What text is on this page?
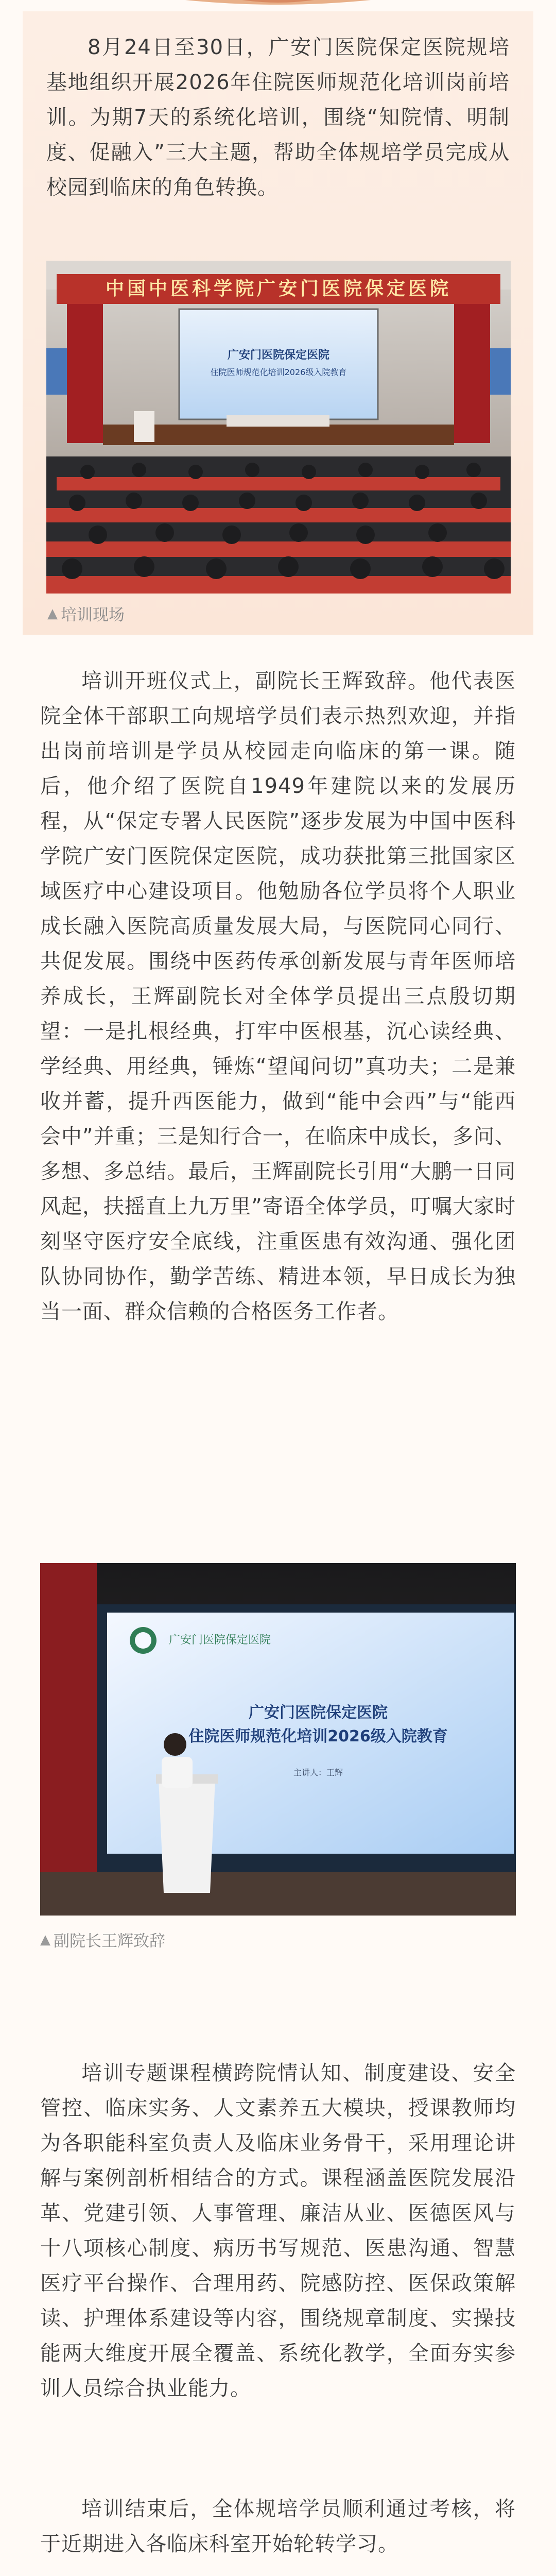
8月24日至30日，广安门医院保定医院规培基地组织开展2026年住院医师规范化培训岗前培训。为期7天的系统化培训，围绕“知院情、明制度、促融入”三大主题，帮助全体规培学员完成从校园到临床的角色转换。

中国中医科学院广安门医院保定医院
广安门医院保定医院
住院医师规范化培训2026级入院教育

▲ 培训现场

培训开班仪式上，副院长王辉致辞。他代表医院全体干部职工向规培学员们表示热烈欢迎，并指出岗前培训是学员从校园走向临床的第一课。随后，他介绍了医院自1949年建院以来的发展历程，从“保定专署人民医院”逐步发展为中国中医科学院广安门医院保定医院，成功获批第三批国家区域医疗中心建设项目。他勉励各位学员将个人职业成长融入医院高质量发展大局，与医院同心同行、共促发展。围绕中医药传承创新发展与青年医师培养成长，王辉副院长对全体学员提出三点殷切期望：一是扎根经典，打牢中医根基，沉心读经典、学经典、用经典，锤炼“望闻问切”真功夫；二是兼收并蓄，提升西医能力，做到“能中会西”与“能西会中”并重；三是知行合一，在临床中成长，多问、多想、多总结。最后，王辉副院长引用“大鹏一日同风起，扶摇直上九万里”寄语全体学员，叮嘱大家时刻坚守医疗安全底线，注重医患有效沟通、强化团队协同协作，勤学苦练、精进本领，早日成长为独当一面、群众信赖的合格医务工作者。

广安门医院保定医院
广安门医院保定医院
住院医师规范化培训2026级入院教育
主讲人：王辉

▲ 副院长王辉致辞

培训专题课程横跨院情认知、制度建设、安全管控、临床实务、人文素养五大模块，授课教师均为各职能科室负责人及临床业务骨干，采用理论讲解与案例剖析相结合的方式。课程涵盖医院发展沿革、党建引领、人事管理、廉洁从业、医德医风与十八项核心制度、病历书写规范、医患沟通、智慧医疗平台操作、合理用药、院感防控、医保政策解读、护理体系建设等内容，围绕规章制度、实操技能两大维度开展全覆盖、系统化教学，全面夯实参训人员综合执业能力。

培训结束后，全体规培学员顺利通过考核，将于近期进入各临床科室开始轮转学习。
